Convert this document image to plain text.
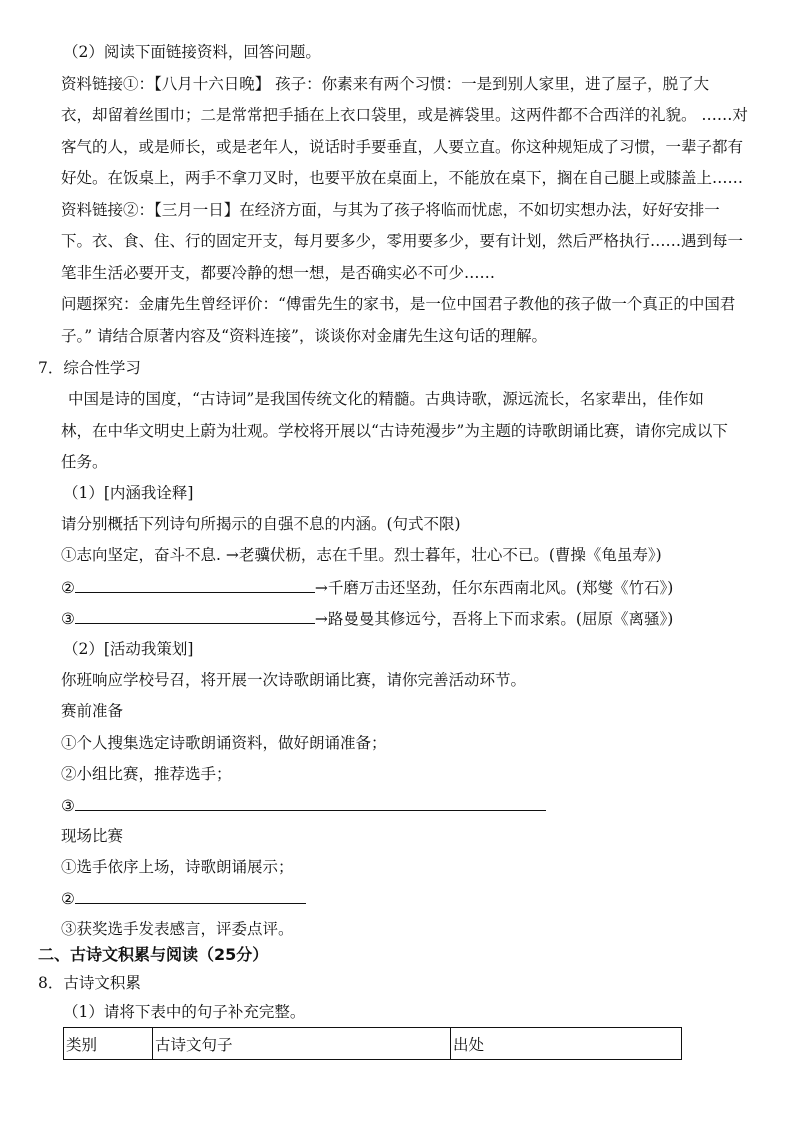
（2）阅读下面链接资料，回答问题。
资料链接①：【八月十六日晚】 孩子：你素来有两个习惯：一是到别人家里，进了屋子，脱了大
衣，却留着丝围巾；二是常常把手插在上衣口袋里，或是裤袋里。这两件都不合西洋的礼貌。 ……对
客气的人，或是师长，或是老年人，说话时手要垂直，人要立直。你这种规矩成了习惯，一辈子都有
好处。在饭桌上，两手不拿刀叉时，也要平放在桌面上，不能放在桌下，搁在自己腿上或膝盖上……
资料链接②：【三月一日】在经济方面，与其为了孩子将临而忧虑，不如切实想办法，好好安排一
下。衣、食、住、行的固定开支，每月要多少，零用要多少，要有计划，然后严格执行……遇到每一
笔非生活必要开支，都要冷静的想一想，是否确实必不可少……
问题探究：金庸先生曾经评价：“傅雷先生的家书，是一位中国君子教他的孩子做一个真正的中国君
子。” 请结合原著内容及“资料连接”，谈谈你对金庸先生这句话的理解。
7．综合性学习
中国是诗的国度，“古诗词”是我国传统文化的精髓。古典诗歌，源远流长，名家辈出，佳作如
林，在中华文明史上蔚为壮观。学校将开展以“古诗苑漫步”为主题的诗歌朗诵比赛，请你完成以下
任务。
（1）[内涵我诠释]
请分别概括下列诗句所揭示的自强不息的内涵。(句式不限)
①志向坚定，奋斗不息. →老骥伏枥，志在千里。烈士暮年，壮心不已。(曹操《龟虽寿》)
②	→千磨万击还坚劲，任尔东西南北风。(郑燮《竹石》)
③	→路曼曼其修远兮，吾将上下而求索。(屈原《离骚》)
（2）[活动我策划]
你班响应学校号召，将开展一次诗歌朗诵比赛，请你完善活动环节。
赛前准备
①个人搜集选定诗歌朗诵资料，做好朗诵准备；
②小组比赛，推荐选手；
③
现场比赛
①选手依序上场，诗歌朗诵展示；
②
③获奖选手发表感言，评委点评。
二、古诗文积累与阅读（25分）
8．古诗文积累
（1）请将下表中的句子补充完整。
类别	古诗文句子	出处
